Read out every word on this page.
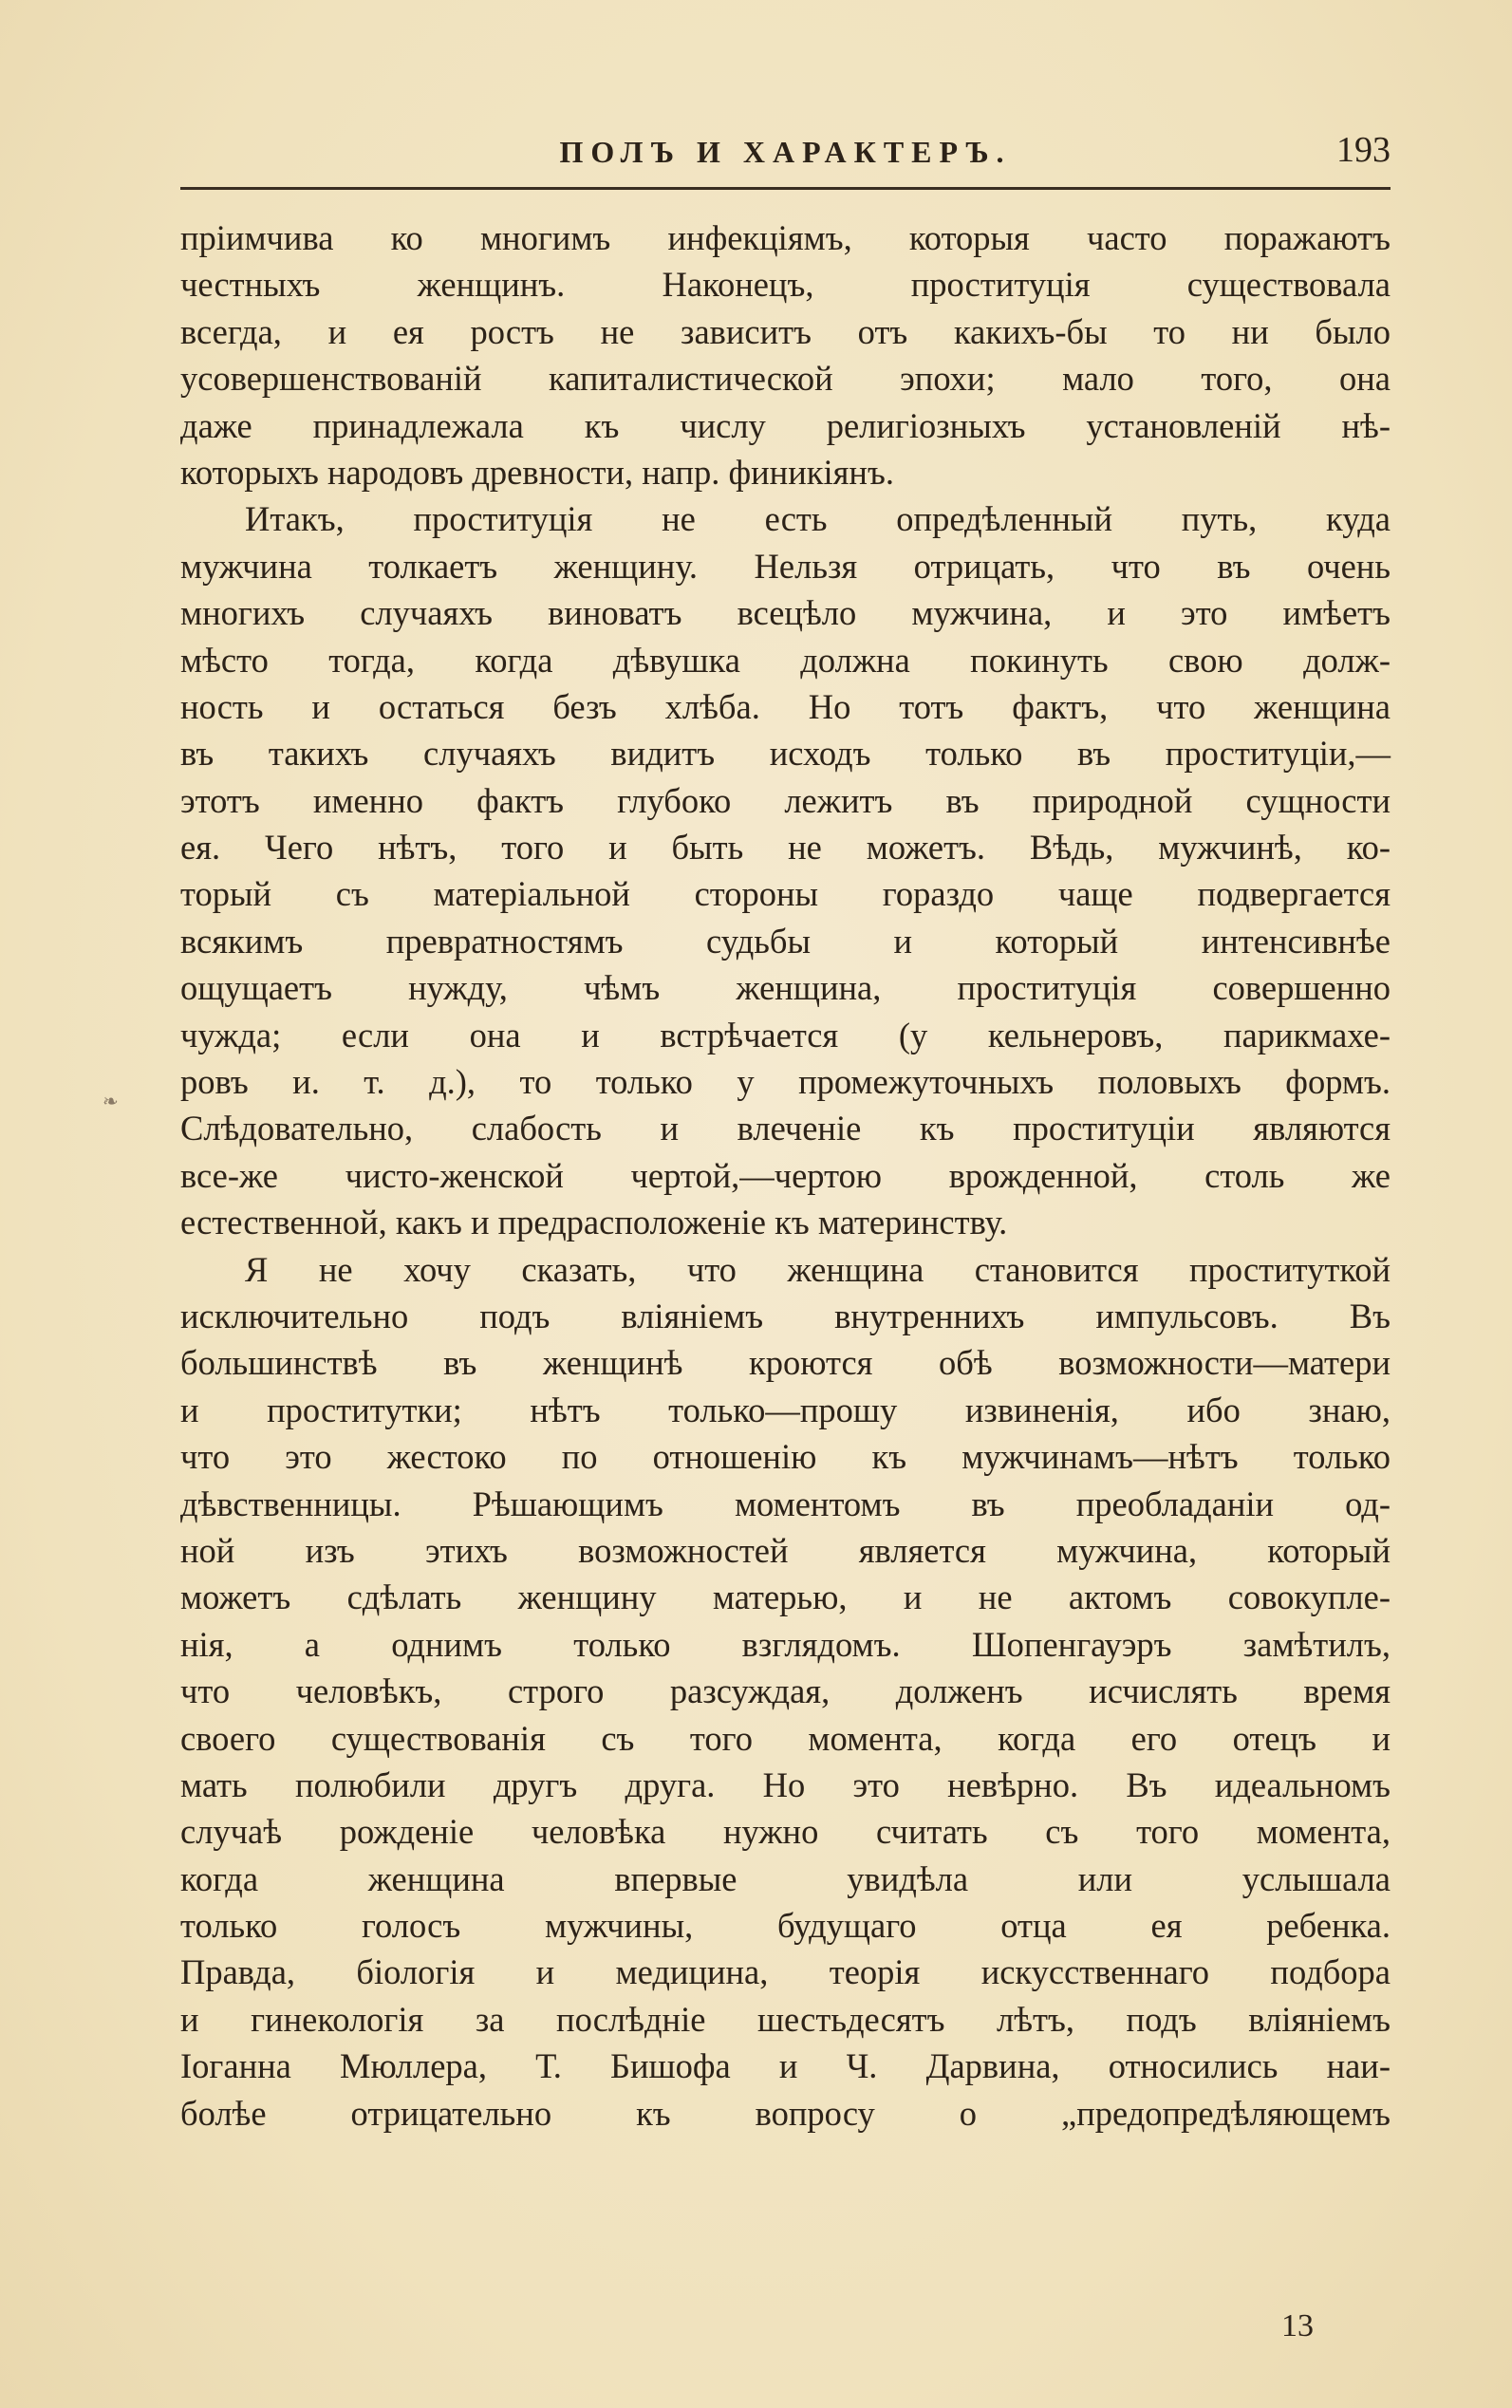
ПОЛЪ И ХАРАКТЕРЪ.	193
❧
пріимчива ко многимъ инфекціямъ, которыя часто поражаютъ
честныхъ женщинъ. Наконецъ, проституція существовала
всегда, и ея ростъ не зависитъ отъ какихъ-бы то ни было
усовершенствованій капиталистической эпохи; мало того, она
даже принадлежала къ числу религіозныхъ установленій нѣ-
которыхъ народовъ древности, напр. финикіянъ.
Итакъ, проституція не есть опредѣленный путь, куда
мужчина толкаетъ женщину. Нельзя отрицать, что въ очень
многихъ случаяхъ виноватъ всецѣло мужчина, и это имѣетъ
мѣсто тогда, когда дѣвушка должна покинуть свою долж-
ность и остаться безъ хлѣба. Но тотъ фактъ, что женщина
въ такихъ случаяхъ видитъ исходъ только въ проституціи,—
этотъ именно фактъ глубоко лежитъ въ природной сущности
ея. Чего нѣтъ, того и быть не можетъ. Вѣдь, мужчинѣ, ко-
торый съ матеріальной стороны гораздо чаще подвергается
всякимъ превратностямъ судьбы и который интенсивнѣе
ощущаетъ нужду, чѣмъ женщина, проституція совершенно
чужда; если она и встрѣчается (у кельнеровъ, парикмахе-
ровъ и. т. д.), то только у промежуточныхъ половыхъ формъ.
Слѣдовательно, слабость и влеченіе къ проституціи являются
все-же чисто-женской чертой,—чертою врожденной, столь же
естественной, какъ и предрасположеніе къ материнству.
Я не хочу сказать, что женщина становится проституткой
исключительно подъ вліяніемъ внутреннихъ импульсовъ. Въ
большинствѣ въ женщинѣ кроются обѣ возможности—матери
и проститутки; нѣтъ только—прошу извиненія, ибо знаю,
что это жестоко по отношенію къ мужчинамъ—нѣтъ только
дѣвственницы. Рѣшающимъ моментомъ въ преобладаніи од-
ной изъ этихъ возможностей является мужчина, который
можетъ сдѣлать женщину матерью, и не актомъ совокупле-
нія, а однимъ только взглядомъ. Шопенгауэръ замѣтилъ,
что человѣкъ, строго разсуждая, долженъ исчислять время
своего существованія съ того момента, когда его отецъ и
мать полюбили другъ друга. Но это невѣрно. Въ идеальномъ
случаѣ рожденіе человѣка нужно считать съ того момента,
когда женщина впервые увидѣла или услышала
только голосъ мужчины, будущаго отца ея ребенка.
Правда, біологія и медицина, теорія искусственнаго подбора
и гинекологія за послѣдніе шестьдесятъ лѣтъ, подъ вліяніемъ
Іоганна Мюллера, Т. Бишофа и Ч. Дарвина, относились наи-
болѣе отрицательно къ вопросу о „предопредѣляющемъ
13
